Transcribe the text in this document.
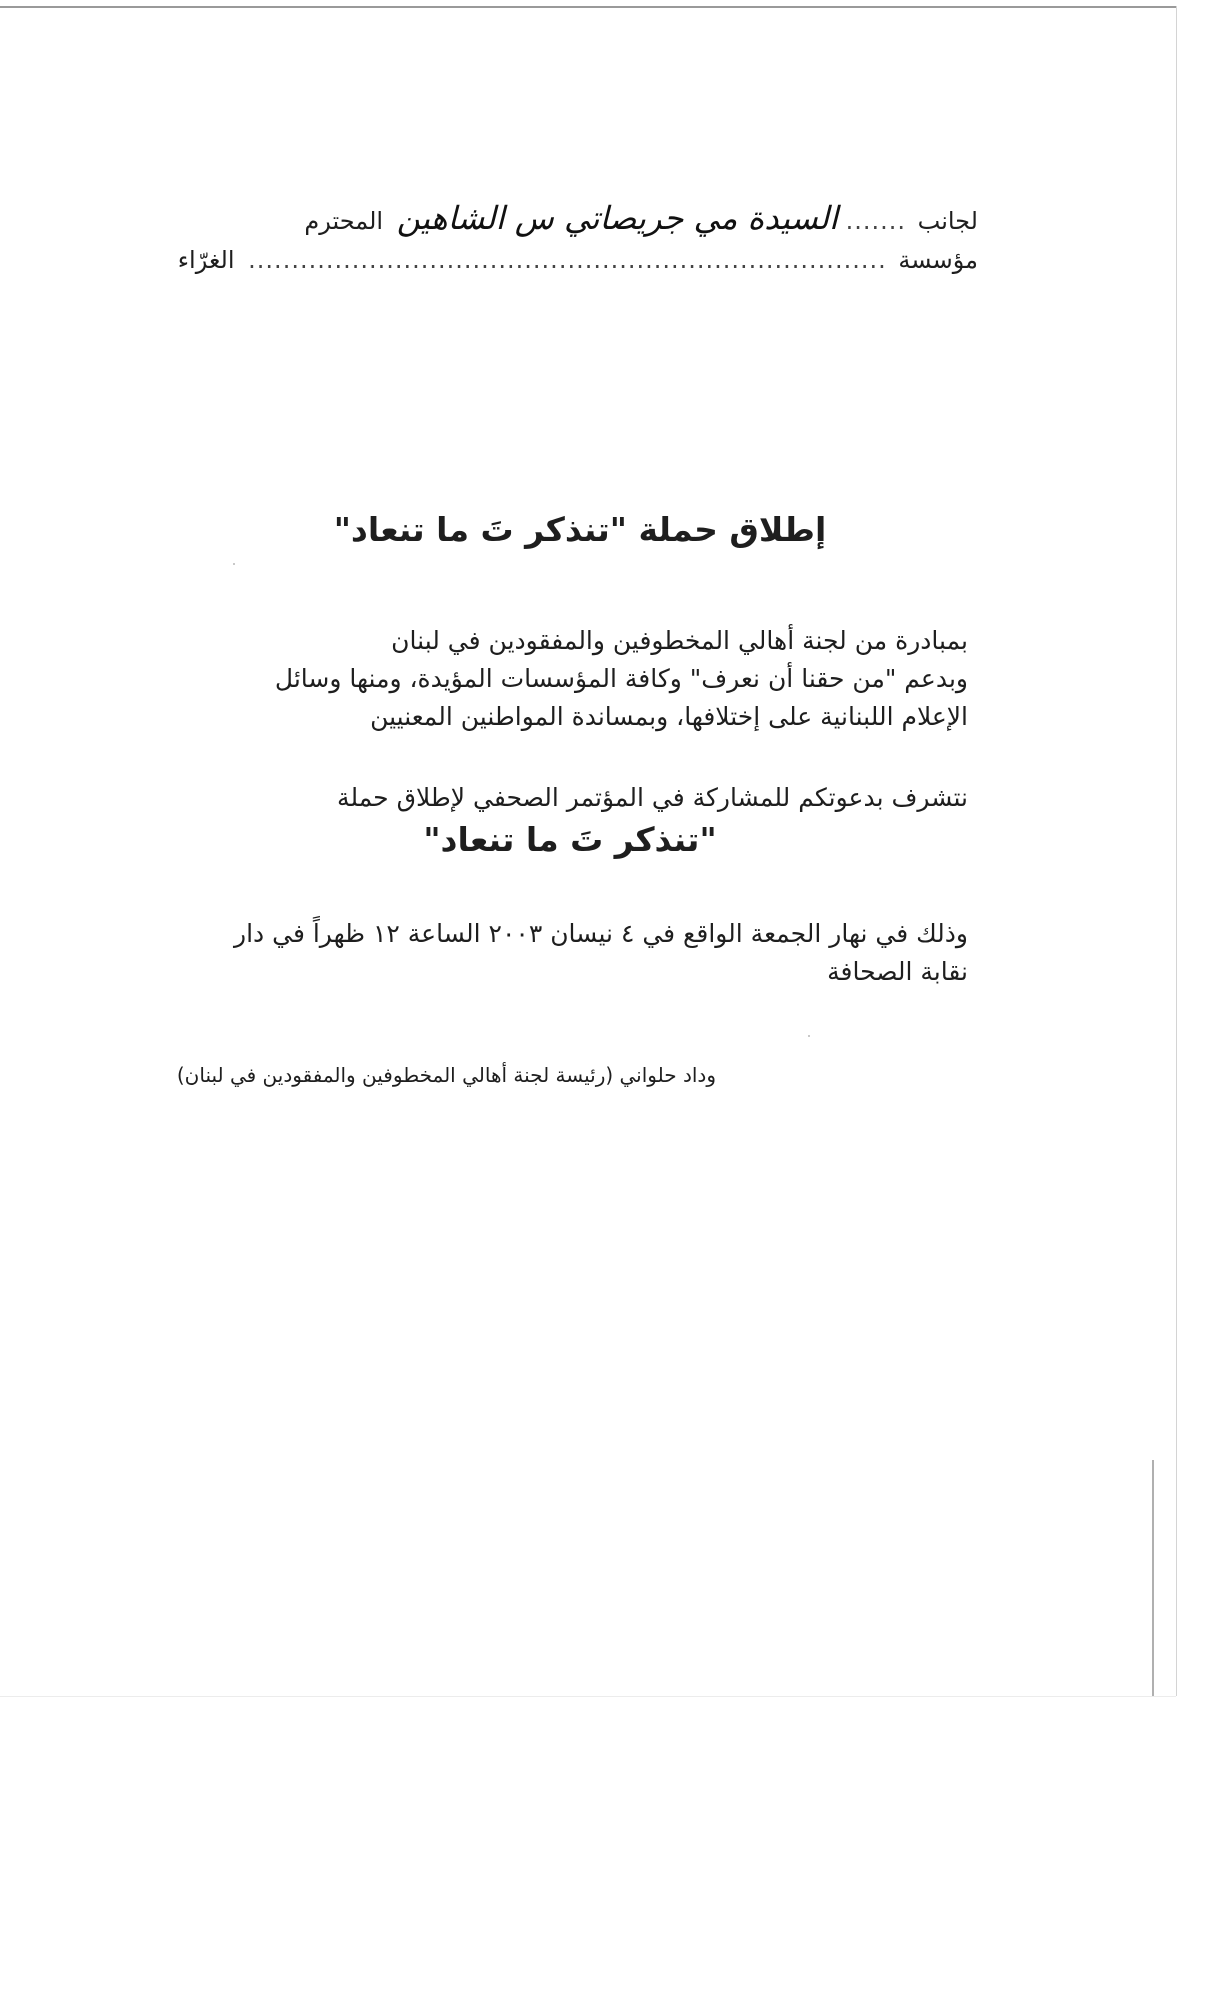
لجانب ....... السيدة مي جريصاتي س الشاهين المحترم
مؤسسة .......................................................................... الغرّاء
إطلاق حملة "تنذكر تَ ما تنعاد"

بمبادرة من لجنة أهالي المخطوفين والمفقودين في لبنان

وبدعم "من حقنا أن نعرف" وكافة المؤسسات المؤيدة، ومنها وسائل

الإعلام اللبنانية على إختلافها، وبمساندة المواطنين المعنيين

نتشرف بدعوتكم للمشاركة في المؤتمر الصحفي لإطلاق حملة

"تنذكر تَ ما تنعاد"

وذلك في نهار الجمعة الواقع في ٤ نيسان ٢٠٠٣ الساعة ١٢ ظهراً في دار

نقابة الصحافة

وداد حلواني (رئيسة لجنة أهالي المخطوفين والمفقودين في لبنان)
